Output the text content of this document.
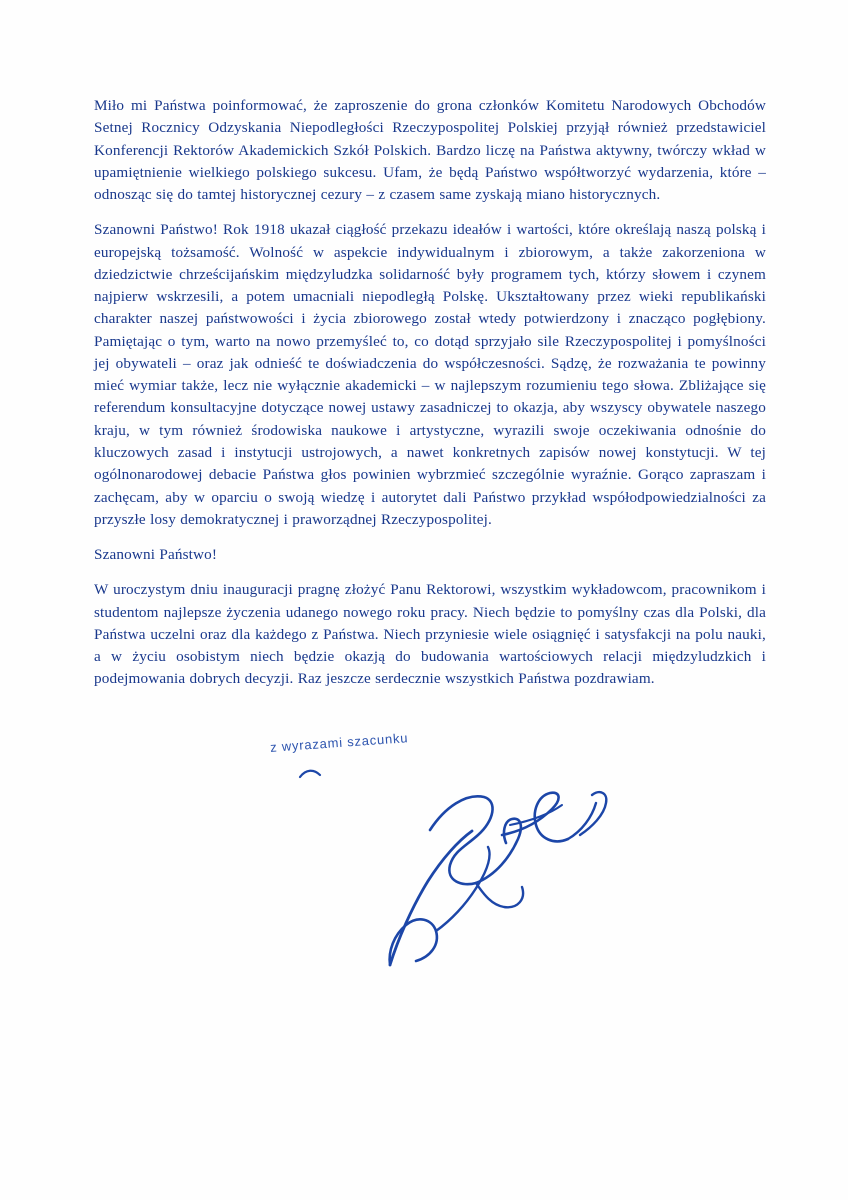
Miło mi Państwa poinformować, że zaproszenie do grona członków Komitetu Narodowych Obchodów Setnej Rocznicy Odzyskania Niepodległości Rzeczypospolitej Polskiej przyjął również przedstawiciel Konferencji Rektorów Akademickich Szkół Polskich. Bardzo liczę na Państwa aktywny, twórczy wkład w upamiętnienie wielkiego polskiego sukcesu. Ufam, że będą Państwo współtworzyć wydarzenia, które – odnosząc się do tamtej historycznej cezury – z czasem same zyskają miano historycznych.

Szanowni Państwo! Rok 1918 ukazał ciągłość przekazu ideałów i wartości, które określają naszą polską i europejską tożsamość. Wolność w aspekcie indywidualnym i zbiorowym, a także zakorzeniona w dziedzictwie chrześcijańskim międzyludzka solidarność były programem tych, którzy słowem i czynem najpierw wskrzesili, a potem umacniali niepodległą Polskę. Ukształtowany przez wieki republikański charakter naszej państwowości i życia zbiorowego został wtedy potwierdzony i znacząco pogłębiony. Pamiętając o tym, warto na nowo przemyśleć to, co dotąd sprzyjało sile Rzeczypospolitej i pomyślności jej obywateli – oraz jak odnieść te doświadczenia do współczesności. Sądzę, że rozważania te powinny mieć wymiar także, lecz nie wyłącznie akademicki – w najlepszym rozumieniu tego słowa. Zbliżające się referendum konsultacyjne dotyczące nowej ustawy zasadniczej to okazja, aby wszyscy obywatele naszego kraju, w tym również środowiska naukowe i artystyczne, wyrazili swoje oczekiwania odnośnie do kluczowych zasad i instytucji ustrojowych, a nawet konkretnych zapisów nowej konstytucji. W tej ogólnonarodowej debacie Państwa głos powinien wybrzmieć szczególnie wyraźnie. Gorąco zapraszam i zachęcam, aby w oparciu o swoją wiedzę i autorytet dali Państwo przykład współodpowiedzialności za przyszłe losy demokratycznej i praworządnej Rzeczypospolitej.

Szanowni Państwo!

W uroczystym dniu inauguracji pragnę złożyć Panu Rektorowi, wszystkim wykładowcom, pracownikom i studentom najlepsze życzenia udanego nowego roku pracy. Niech będzie to pomyślny czas dla Polski, dla Państwa uczelni oraz dla każdego z Państwa. Niech przyniesie wiele osiągnięć i satysfakcji na polu nauki, a w życiu osobistym niech będzie okazją do budowania wartościowych relacji międzyludzkich i podejmowania dobrych decyzji. Raz jeszcze serdecznie wszystkich Państwa pozdrawiam.

z wyrazami szacunku
